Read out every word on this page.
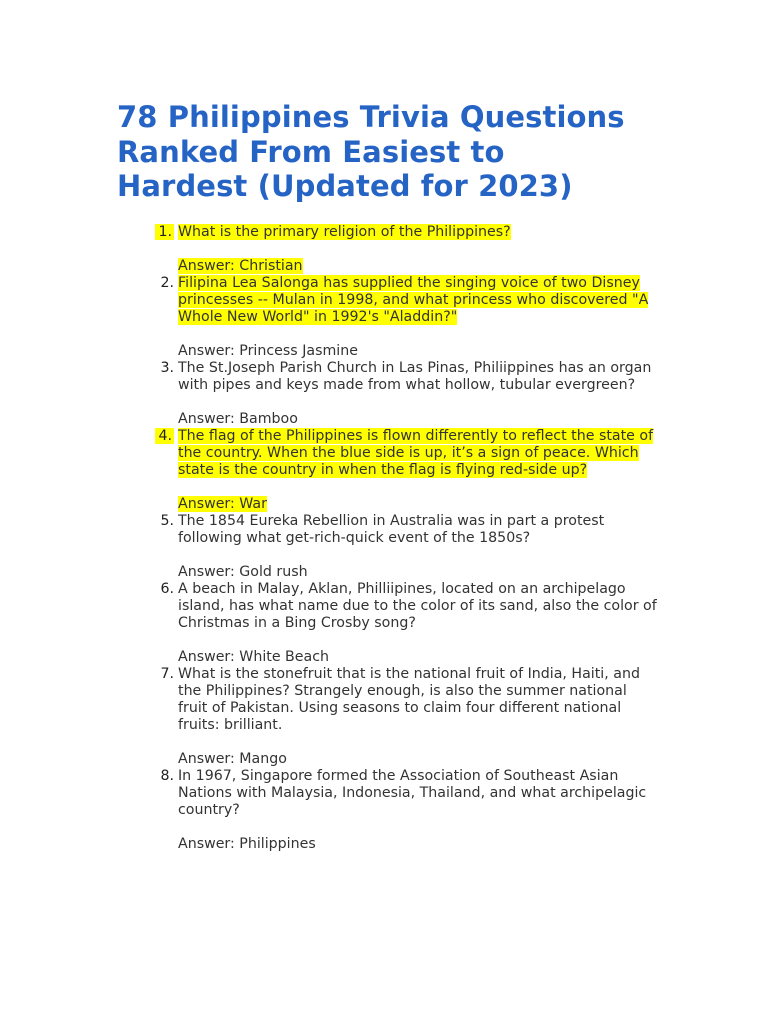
78 Philippines Trivia Questions Ranked From Easiest to Hardest (Updated for 2023)
1. What is the primary religion of the Philippines?
Answer: Christian
2. Filipina Lea Salonga has supplied the singing voice of two Disney princesses -- Mulan in 1998, and what princess who discovered "A Whole New World" in 1992's "Aladdin?"
Answer: Princess Jasmine
3. The St.Joseph Parish Church in Las Pinas, Philiippines has an organ with pipes and keys made from what hollow, tubular evergreen?
Answer: Bamboo
4. The flag of the Philippines is flown differently to reflect the state of the country. When the blue side is up, it’s a sign of peace. Which state is the country in when the flag is flying red-side up?
Answer: War
5. The 1854 Eureka Rebellion in Australia was in part a protest following what get-rich-quick event of the 1850s?
Answer: Gold rush
6. A beach in Malay, Aklan, Philliipines, located on an archipelago island, has what name due to the color of its sand, also the color of Christmas in a Bing Crosby song?
Answer: White Beach
7. What is the stonefruit that is the national fruit of India, Haiti, and the Philippines? Strangely enough, is also the summer national fruit of Pakistan. Using seasons to claim four different national fruits: brilliant.
Answer: Mango
8. In 1967, Singapore formed the Association of Southeast Asian Nations with Malaysia, Indonesia, Thailand, and what archipelagic country?
Answer: Philippines
